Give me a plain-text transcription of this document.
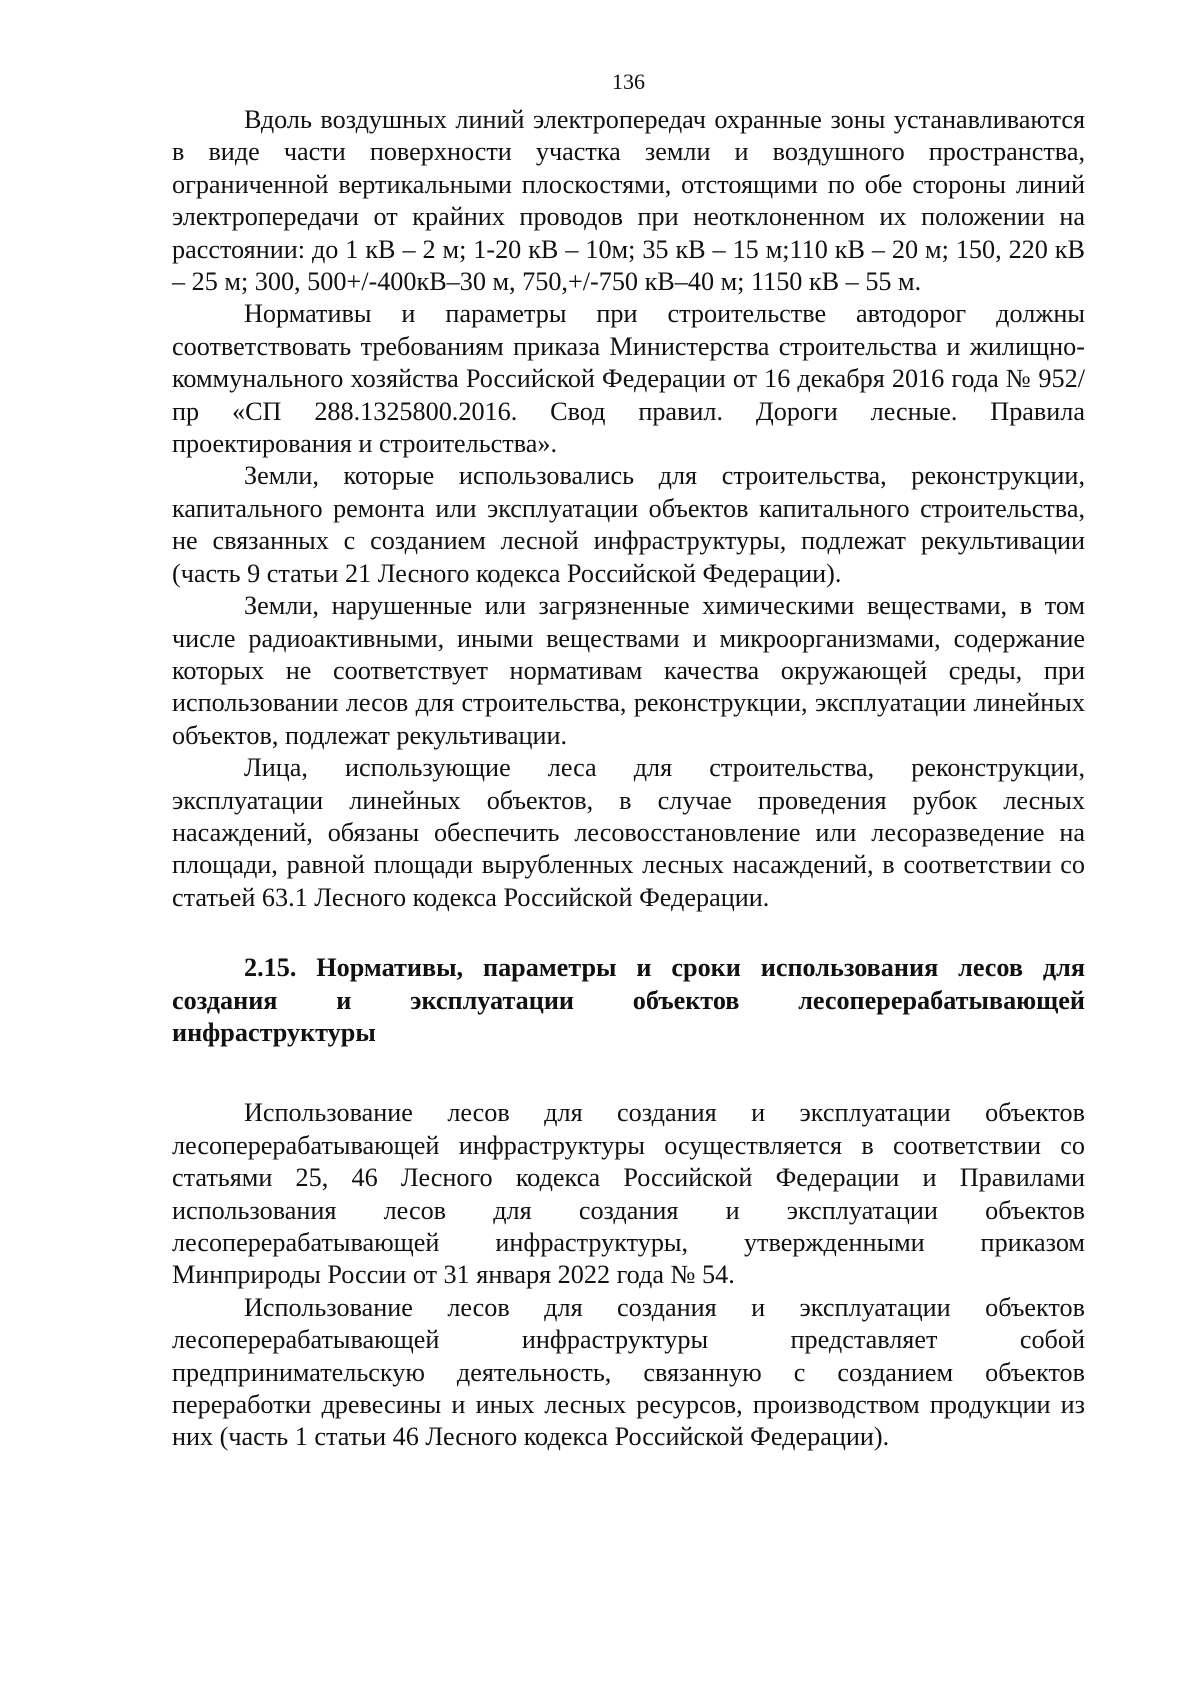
136

Вдоль воздушных линий электропередач охранные зоны устанавливаются в виде части поверхности участка земли и воздушного пространства, ограниченной вертикальными плоскостями, отстоящими по обе стороны линий электропередачи от крайних проводов при неотклоненном их положении на расстоянии: до 1 кВ – 2 м; 1-20 кВ – 10м; 35 кВ – 15 м;110 кВ – 20 м; 150, 220 кВ – 25 м; 300, 500+/-400кВ–30 м, 750,+/-750 кВ–40 м; 1150 кВ – 55 м.

Нормативы и параметры при строительстве автодорог должны соответствовать требованиям приказа Министерства строительства и жилищно-коммунального хозяйства Российской Федерации от 16 декабря 2016 года № 952/пр «СП 288.1325800.2016. Свод правил. Дороги лесные. Правила проектирования и строительства».

Земли, которые использовались для строительства, реконструкции, капитального ремонта или эксплуатации объектов капитального строительства, не связанных с созданием лесной инфраструктуры, подлежат рекультивации (часть 9 статьи 21 Лесного кодекса Российской Федерации).

Земли, нарушенные или загрязненные химическими веществами, в том числе радиоактивными, иными веществами и микроорганизмами, содержание которых не соответствует нормативам качества окружающей среды, при использовании лесов для строительства, реконструкции, эксплуатации линейных объектов, подлежат рекультивации.

Лица, использующие леса для строительства, реконструкции, эксплуатации линейных объектов, в случае проведения рубок лесных насаждений, обязаны обеспечить лесовосстановление или лесоразведение на площади, равной площади вырубленных лесных насаждений, в соответствии со статьей 63.1 Лесного кодекса Российской Федерации.

2.15. Нормативы, параметры и сроки использования лесов для создания и эксплуатации объектов лесоперерабатывающей инфраструктуры

Использование лесов для создания и эксплуатации объектов лесоперерабатывающей инфраструктуры осуществляется в соответствии со статьями 25, 46 Лесного кодекса Российской Федерации и Правилами использования лесов для создания и эксплуатации объектов лесоперерабатывающей инфраструктуры, утвержденными приказом Минприроды России от 31 января 2022 года № 54.

Использование лесов для создания и эксплуатации объектов лесоперерабатывающей инфраструктуры представляет собой предпринимательскую деятельность, связанную с созданием объектов переработки древесины и иных лесных ресурсов, производством продукции из них (часть 1 статьи 46 Лесного кодекса Российской Федерации).
